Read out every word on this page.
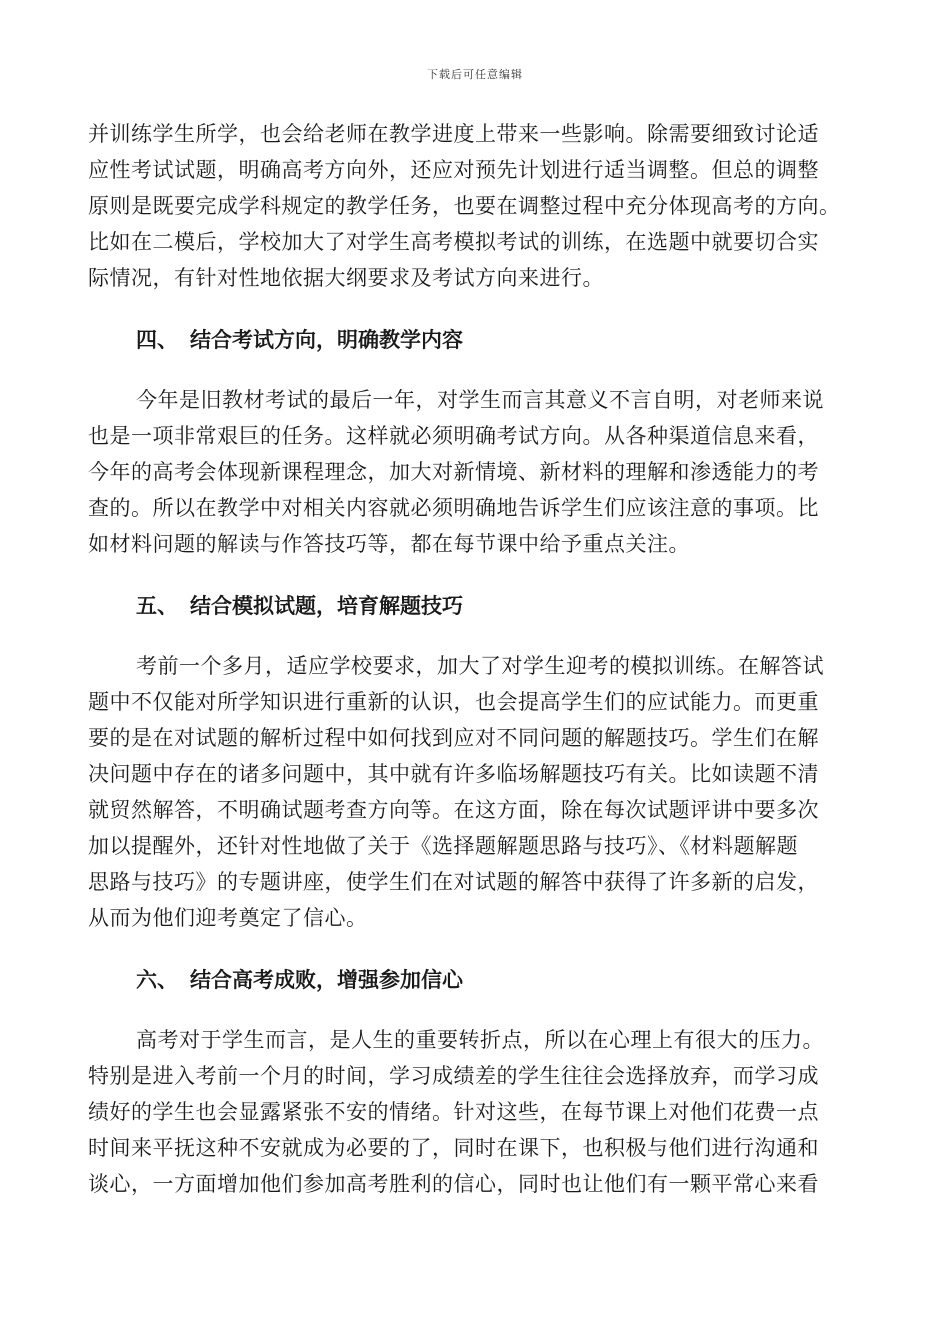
下载后可任意编辑
并训练学生所学，也会给老师在教学进度上带来一些影响。除需要细致讨论适
应性考试试题，明确高考方向外，还应对预先计划进行适当调整。但总的调整
原则是既要完成学科规定的教学任务，也要在调整过程中充分体现高考的方向。
比如在二模后，学校加大了对学生高考模拟考试的训练，在选题中就要切合实
际情况，有针对性地依据大纲要求及考试方向来进行。
四、 结合考试方向，明确教学内容
今年是旧教材考试的最后一年，对学生而言其意义不言自明，对老师来说
也是一项非常艰巨的任务。这样就必须明确考试方向。从各种渠道信息来看，
今年的高考会体现新课程理念，加大对新情境、新材料的理解和渗透能力的考
查的。所以在教学中对相关内容就必须明确地告诉学生们应该注意的事项。比
如材料问题的解读与作答技巧等，都在每节课中给予重点关注。
五、 结合模拟试题，培育解题技巧
考前一个多月，适应学校要求，加大了对学生迎考的模拟训练。在解答试
题中不仅能对所学知识进行重新的认识，也会提高学生们的应试能力。而更重
要的是在对试题的解析过程中如何找到应对不同问题的解题技巧。学生们在解
决问题中存在的诸多问题中，其中就有许多临场解题技巧有关。比如读题不清
就贸然解答，不明确试题考查方向等。在这方面，除在每次试题评讲中要多次
加以提醒外，还针对性地做了关于《选择题解题思路与技巧》、《材料题解题
思路与技巧》的专题讲座，使学生们在对试题的解答中获得了许多新的启发，
从而为他们迎考奠定了信心。
六、 结合高考成败，增强参加信心
高考对于学生而言，是人生的重要转折点，所以在心理上有很大的压力。
特别是进入考前一个月的时间，学习成绩差的学生往往会选择放弃，而学习成
绩好的学生也会显露紧张不安的情绪。针对这些，在每节课上对他们花费一点
时间来平抚这种不安就成为必要的了，同时在课下，也积极与他们进行沟通和
谈心，一方面增加他们参加高考胜利的信心，同时也让他们有一颗平常心来看
